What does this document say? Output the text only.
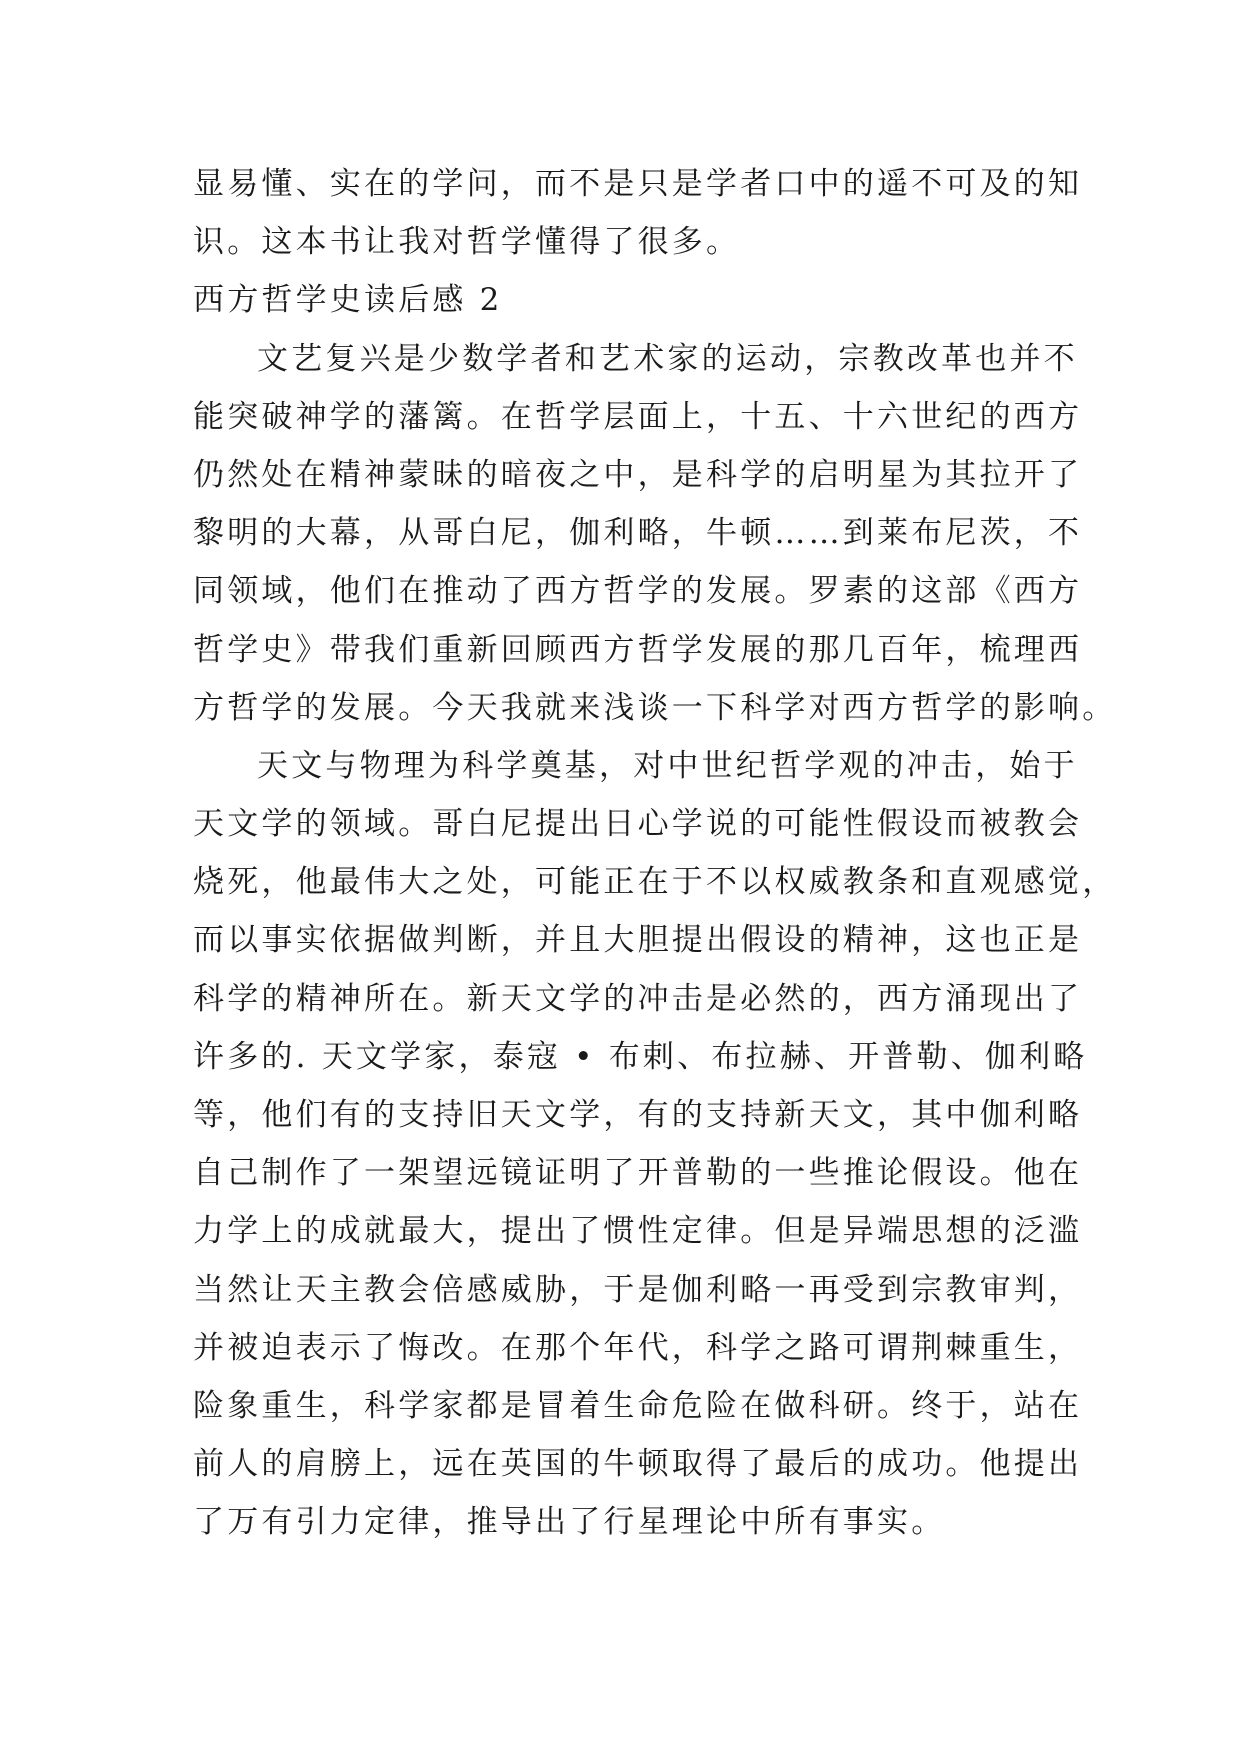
显易懂、实在的学问，而不是只是学者口中的遥不可及的知
识。这本书让我对哲学懂得了很多。
西方哲学史读后感 2
文艺复兴是少数学者和艺术家的运动，宗教改革也并不
能突破神学的藩篱。在哲学层面上，十五、十六世纪的西方
仍然处在精神蒙昧的暗夜之中，是科学的启明星为其拉开了
黎明的大幕，从哥白尼，伽利略，牛顿……到莱布尼茨，不
同领域，他们在推动了西方哲学的发展。罗素的这部《西方
哲学史》带我们重新回顾西方哲学发展的那几百年，梳理西
方哲学的发展。今天我就来浅谈一下科学对西方哲学的影响。
天文与物理为科学奠基，对中世纪哲学观的冲击，始于
天文学的领域。哥白尼提出日心学说的可能性假设而被教会
烧死，他最伟大之处，可能正在于不以权威教条和直观感觉，
而以事实依据做判断，并且大胆提出假设的精神，这也正是
科学的精神所在。新天文学的冲击是必然的，西方涌现出了
许多的. 天文学家，泰寇 • 布剌、布拉赫、开普勒、伽利略
等，他们有的支持旧天文学，有的支持新天文，其中伽利略
自己制作了一架望远镜证明了开普勒的一些推论假设。他在
力学上的成就最大，提出了惯性定律。但是异端思想的泛滥
当然让天主教会倍感威胁，于是伽利略一再受到宗教审判，
并被迫表示了悔改。在那个年代，科学之路可谓荆棘重生，
险象重生，科学家都是冒着生命危险在做科研。终于，站在
前人的肩膀上，远在英国的牛顿取得了最后的成功。他提出
了万有引力定律，推导出了行星理论中所有事实。
